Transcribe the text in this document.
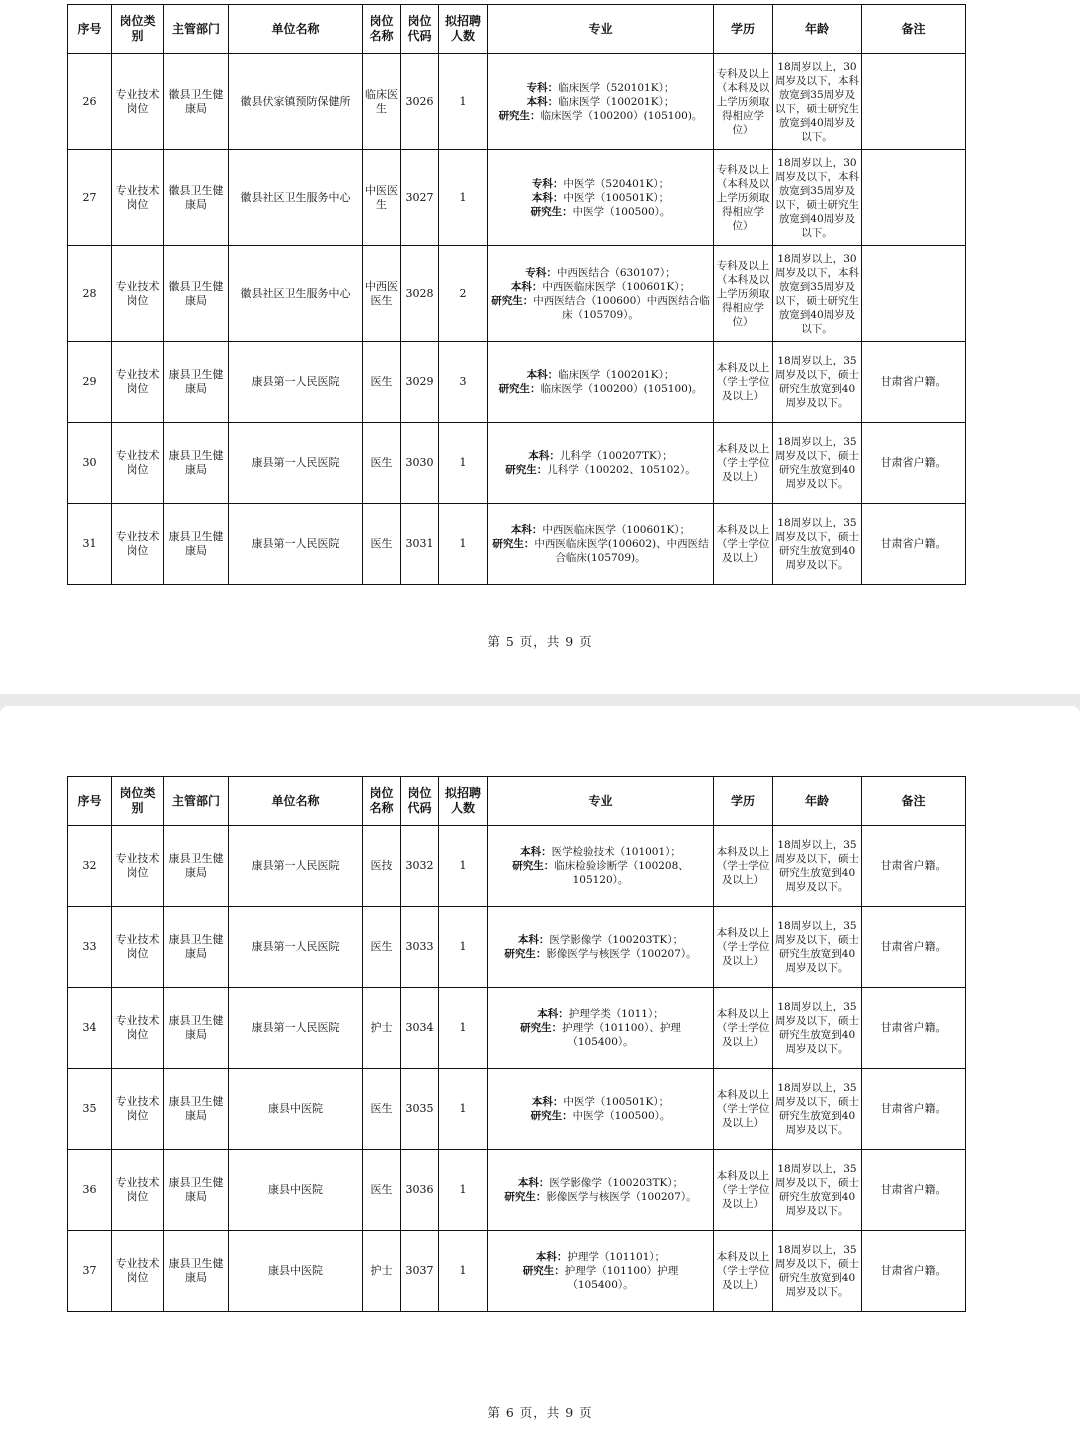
序号	岗位类别	主管部门	单位名称	岗位名称	岗位代码	拟招聘人数	专业	学历	年龄	备注
26	专业技术岗位	徽县卫生健康局	徽县伏家镇预防保健所	临床医生	3026	1	专科：临床医学（520101K）；
本科：临床医学（100201K）；
研究生：临床医学（100200）(105100)。	专科及以上（本科及以上学历须取得相应学位）	18周岁以上，30周岁及以下，本科放宽到35周岁及以下，硕士研究生放宽到40周岁及以下。	
27	专业技术岗位	徽县卫生健康局	徽县社区卫生服务中心	中医医生	3027	1	专科：中医学（520401K）；
本科：中医学（100501K）；
研究生：中医学（100500）。	专科及以上（本科及以上学历须取得相应学位）	18周岁以上，30周岁及以下，本科放宽到35周岁及以下，硕士研究生放宽到40周岁及以下。	
28	专业技术岗位	徽县卫生健康局	徽县社区卫生服务中心	中西医医生	3028	2	专科：中西医结合（630107）；
本科：中西医临床医学（100601K）；
研究生：中西医结合（100600）中西医结合临床（105709）。	专科及以上（本科及以上学历须取得相应学位）	18周岁以上，30周岁及以下，本科放宽到35周岁及以下，硕士研究生放宽到40周岁及以下。	
29	专业技术岗位	康县卫生健康局	康县第一人民医院	医生	3029	3	本科：临床医学（100201K）；
研究生：临床医学（100200）(105100)。	本科及以上（学士学位及以上）	18周岁以上，35周岁及以下，硕士研究生放宽到40周岁及以下。	甘肃省户籍。
30	专业技术岗位	康县卫生健康局	康县第一人民医院	医生	3030	1	本科：儿科学（100207TK）；
研究生：儿科学（100202、105102）。	本科及以上（学士学位及以上）	18周岁以上，35周岁及以下，硕士研究生放宽到40周岁及以下。	甘肃省户籍。
31	专业技术岗位	康县卫生健康局	康县第一人民医院	医生	3031	1	本科：中西医临床医学（100601K）；
研究生：中西医临床医学(100602)、中西医结合临床(105709)。	本科及以上（学士学位及以上）	18周岁以上，35周岁及以下，硕士研究生放宽到40周岁及以下。	甘肃省户籍。
第 5 页，共 9 页
序号	岗位类别	主管部门	单位名称	岗位名称	岗位代码	拟招聘人数	专业	学历	年龄	备注
32	专业技术岗位	康县卫生健康局	康县第一人民医院	医技	3032	1	本科：医学检验技术（101001）；
研究生：临床检验诊断学（100208、105120）。	本科及以上（学士学位及以上）	18周岁以上，35周岁及以下，硕士研究生放宽到40周岁及以下。	甘肃省户籍。
33	专业技术岗位	康县卫生健康局	康县第一人民医院	医生	3033	1	本科：医学影像学（100203TK）；
研究生：影像医学与核医学（100207）。	本科及以上（学士学位及以上）	18周岁以上，35周岁及以下，硕士研究生放宽到40周岁及以下。	甘肃省户籍。
34	专业技术岗位	康县卫生健康局	康县第一人民医院	护士	3034	1	本科：护理学类（1011）；
研究生：护理学（101100）、护理（105400）。	本科及以上（学士学位及以上）	18周岁以上，35周岁及以下，硕士研究生放宽到40周岁及以下。	甘肃省户籍。
35	专业技术岗位	康县卫生健康局	康县中医院	医生	3035	1	本科：中医学（100501K）；
研究生：中医学（100500）。	本科及以上（学士学位及以上）	18周岁以上，35周岁及以下，硕士研究生放宽到40周岁及以下。	甘肃省户籍。
36	专业技术岗位	康县卫生健康局	康县中医院	医生	3036	1	本科：医学影像学（100203TK）；
研究生：影像医学与核医学（100207）。	本科及以上（学士学位及以上）	18周岁以上，35周岁及以下，硕士研究生放宽到40周岁及以下。	甘肃省户籍。
37	专业技术岗位	康县卫生健康局	康县中医院	护士	3037	1	本科：护理学（101101）；
研究生：护理学（101100）护理（105400）。	本科及以上（学士学位及以上）	18周岁以上，35周岁及以下，硕士研究生放宽到40周岁及以下。	甘肃省户籍。
第 6 页，共 9 页
